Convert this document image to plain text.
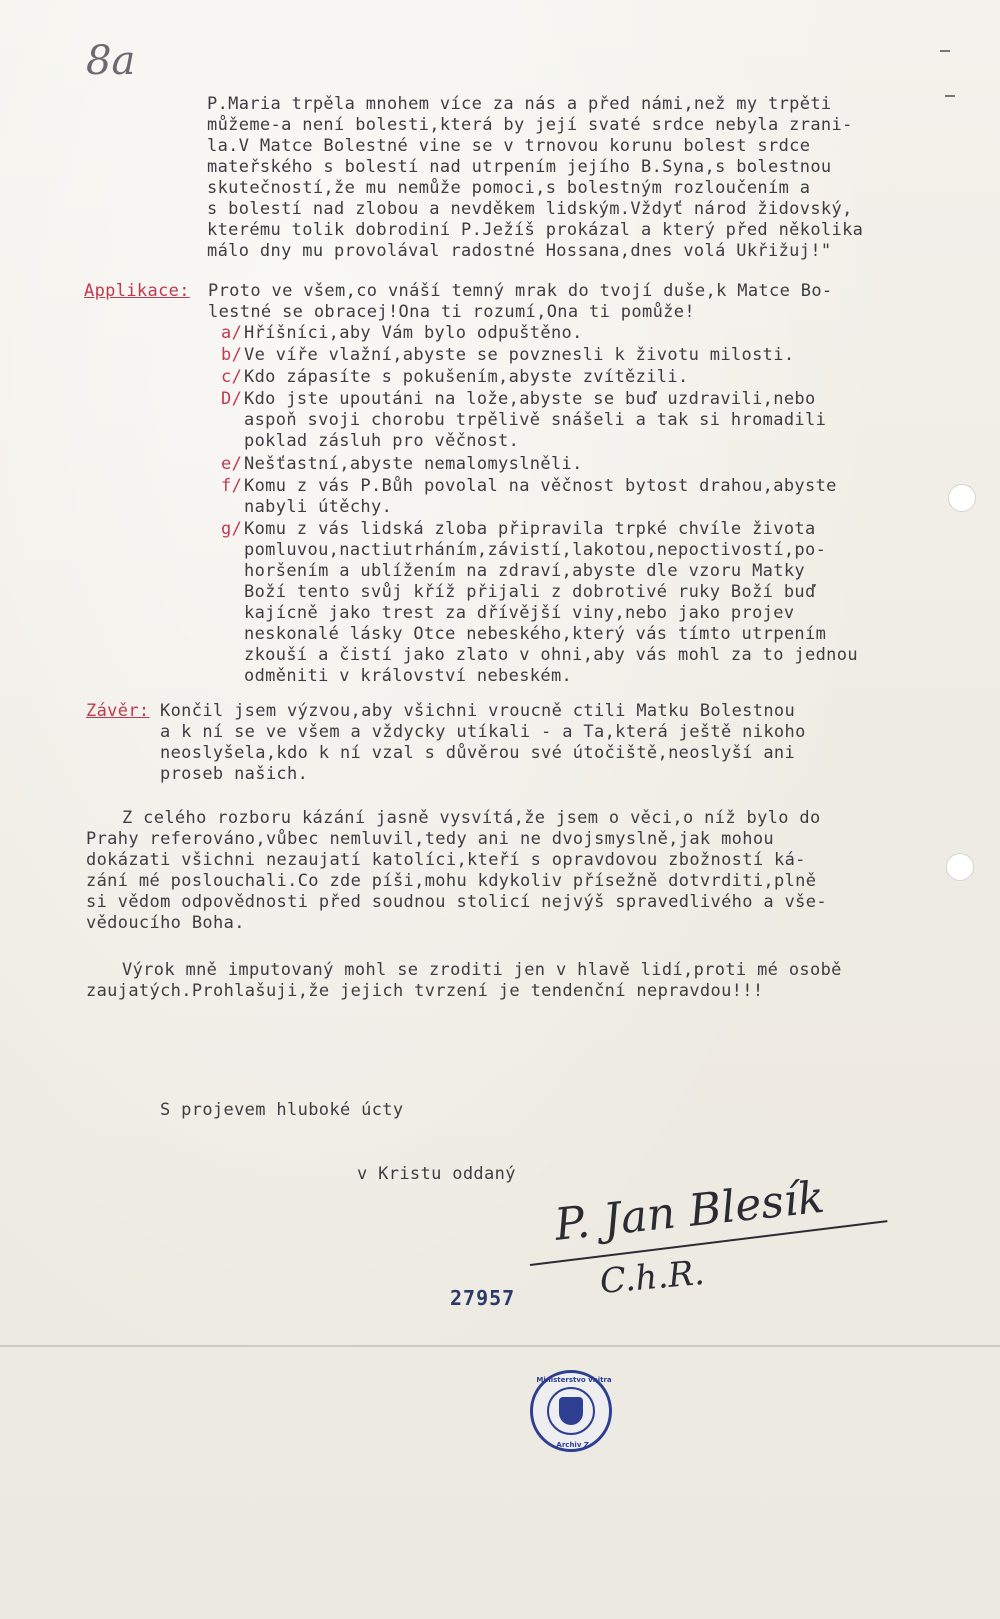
8a
P.Maria trpěla mnohem více za nás a před námi,než my trpěti
můžeme-a není bolesti,která by její svaté srdce nebyla zrani-
la.V Matce Bolestné vine se v trnovou korunu bolest srdce
mateřského s bolestí nad utrpením jejího B.Syna,s bolestnou
skutečností,že mu nemůže pomoci,s bolestným rozloučením a
s bolestí nad zlobou a nevděkem lidským.Vždyť národ židovský,
kterému tolik dobrodiní P.Ježíš prokázal a který před několika
málo dny mu provolával radostné Hossana,dnes volá Ukřižuj!"
Applikace: Proto ve všem,co vnáší temný mrak do tvojí duše,k Matce Bo-
lestné se obracej!Ona ti rozumí,Ona ti pomůže!
a/ Hříšníci,aby Vám bylo odpuštěno.
b/ Ve víře vlažní,abyste se povznesli k životu milosti.
c/ Kdo zápasíte s pokušením,abyste zvítězili.
D/ Kdo jste upoutáni na lože,abyste se buď uzdravili,nebo
aspoň svoji chorobu trpělivě snášeli a tak si hromadili
poklad zásluh pro věčnost.
e/ Nešťastní,abyste nemalomyslněli.
f/ Komu z vás P.Bůh povolal na věčnost bytost drahou,abyste
nabyli útěchy.
g/ Komu z vás lidská zloba připravila trpké chvíle života
pomluvou,nactiutrháním,závistí,lakotou,nepoctivostí,po-
horšením a ublížením na zdraví,abyste dle vzoru Matky
Boží tento svůj kříž přijali z dobrotivé ruky Boží buď
kajícně jako trest za dřívější viny,nebo jako projev
neskonalé lásky Otce nebeského,který vás tímto utrpením
zkouší a čistí jako zlato v ohni,aby vás mohl za to jednou
odměniti v království nebeském.
Závěr: Končil jsem výzvou,aby všichni vroucně ctili Matku Bolestnou
a k ní se ve všem a vždycky utíkali - a Ta,která ještě nikoho
neoslyšela,kdo k ní vzal s důvěrou své útočiště,neoslyší ani
proseb našich.
Z celého rozboru kázání jasně vysvítá,že jsem o věci,o níž bylo do
Prahy referováno,vůbec nemluvil,tedy ani ne dvojsmyslně,jak mohou
dokázati všichni nezaujatí katolíci,kteří s opravdovou zbožností ká-
zání mé poslouchali.Co zde píši,mohu kdykoliv přísežně dotvrditi,plně
si vědom odpovědnosti před soudnou stolicí nejvýš spravedlivého a vše-
vědoucího Boha.
Výrok mně imputovaný mohl se zroditi jen v hlavě lidí,proti mé osobě
zaujatých.Prohlašuji,že jejich tvrzení je tendenční nepravdou!!!
S projevem hluboké úcty
v Kristu oddaný P. Jan Blesík
C.h.R.
27957
Ministerstvo vnitra
Archiv Z.
